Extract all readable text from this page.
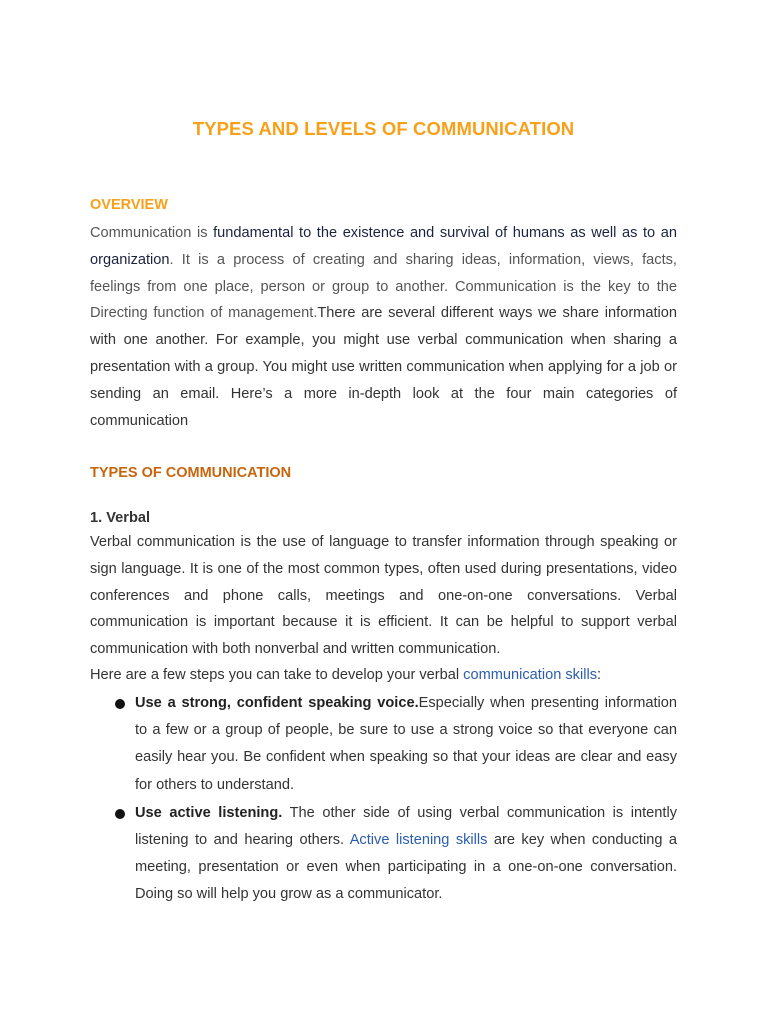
TYPES AND LEVELS OF COMMUNICATION
OVERVIEW

Communication is fundamental to the existence and survival of humans as well as to an organization. It is a process of creating and sharing ideas, information, views, facts, feelings from one place, person or group to another. Communication is the key to the Directing function of management.There are several different ways we share information with one another. For example, you might use verbal communication when sharing a presentation with a group. You might use written communication when applying for a job or sending an email. Here’s a more in-depth look at the four main categories of communication

TYPES OF COMMUNICATION
1. Verbal

Verbal communication is the use of language to transfer information through speaking or sign language. It is one of the most common types, often used during presentations, video conferences and phone calls, meetings and one-on-one conversations. Verbal communication is important because it is efficient. It can be helpful to support verbal communication with both nonverbal and written communication.

Here are a few steps you can take to develop your verbal communication skills:

Use a strong, confident speaking voice.Especially when presenting information to a few or a group of people, be sure to use a strong voice so that everyone can easily hear you. Be confident when speaking so that your ideas are clear and easy for others to understand.
Use active listening. The other side of using verbal communication is intently listening to and hearing others. Active listening skills are key when conducting a meeting, presentation or even when participating in a one-on-one conversation. Doing so will help you grow as a communicator.
